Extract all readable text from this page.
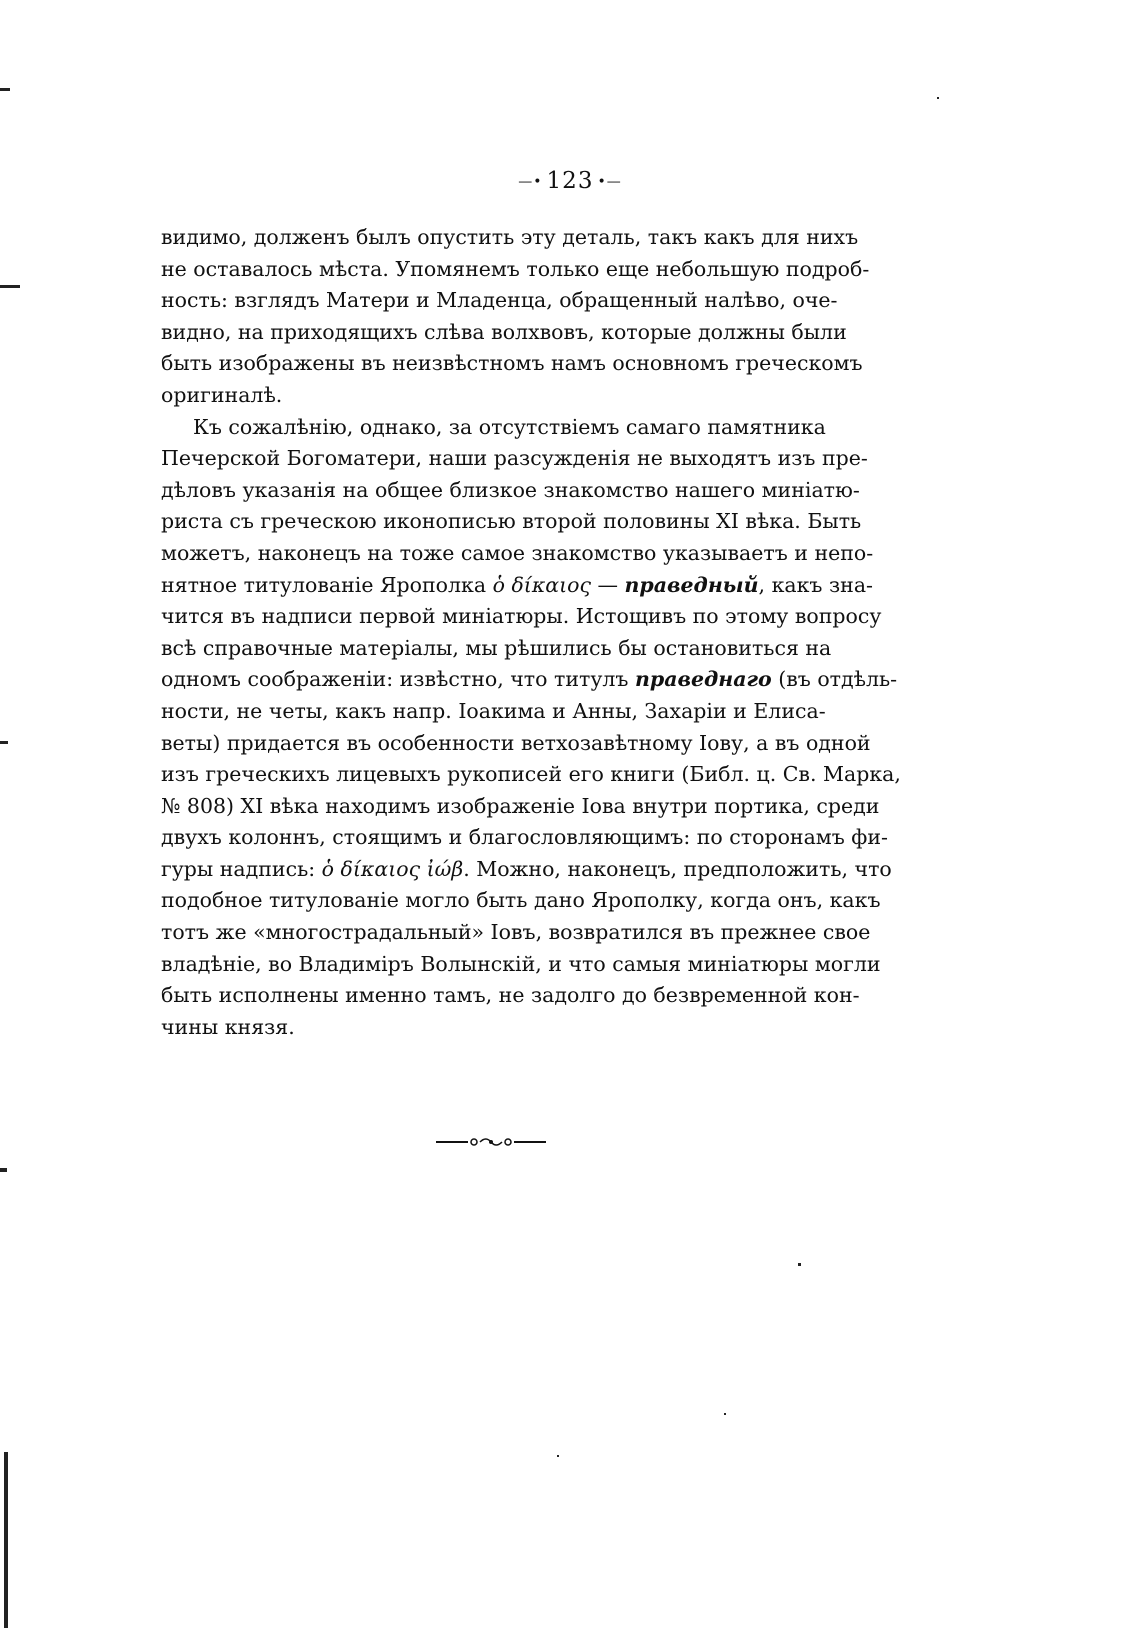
—• 123 •—
видимо, долженъ былъ опустить эту деталь, такъ какъ для нихъ
не оставалось мѣста. Упомянемъ только еще небольшую подроб-
ность: взглядъ Матери и Младенца, обращенный налѣво, оче-
видно, на приходящихъ слѣва волхвовъ, которые должны были
быть изображены въ неизвѣстномъ намъ основномъ греческомъ
оригиналѣ.
Къ сожалѣнію, однако, за отсутствіемъ самаго памятника
Печерской Богоматери, наши разсужденія не выходятъ изъ пре-
дѣловъ указанія на общее близкое знакомство нашего миніатю-
риста съ греческою иконописью второй половины XI вѣка. Быть
можетъ, наконецъ на тоже самое знакомство указываетъ и непо-
нятное титулованіе Ярополка ὁ δίκαιος — праведный, какъ зна-
чится въ надписи первой миніатюры. Истощивъ по этому вопросу
всѣ справочные матеріалы, мы рѣшились бы остановиться на
одномъ соображеніи: извѣстно, что титулъ праведнаго (въ отдѣль-
ности, не четы, какъ напр. Іоакима и Анны, Захаріи и Елиса-
веты) придается въ особенности ветхозавѣтному Іову, а въ одной
изъ греческихъ лицевыхъ рукописей его книги (Библ. ц. Св. Марка,
№ 808) XI вѣка находимъ изображеніе Іова внутри портика, среди
двухъ колоннъ, стоящимъ и благословляющимъ: по сторонамъ фи-
гуры надпись: ὁ δίκαιος ἰώβ. Можно, наконецъ, предположить, что
подобное титулованіе могло быть дано Ярополку, когда онъ, какъ
тотъ же «многострадальный» Іовъ, возвратился въ прежнее свое
владѣніе, во Владиміръ Волынскій, и что самыя миніатюры могли
быть исполнены именно тамъ, не задолго до безвременной кон-
чины князя.
